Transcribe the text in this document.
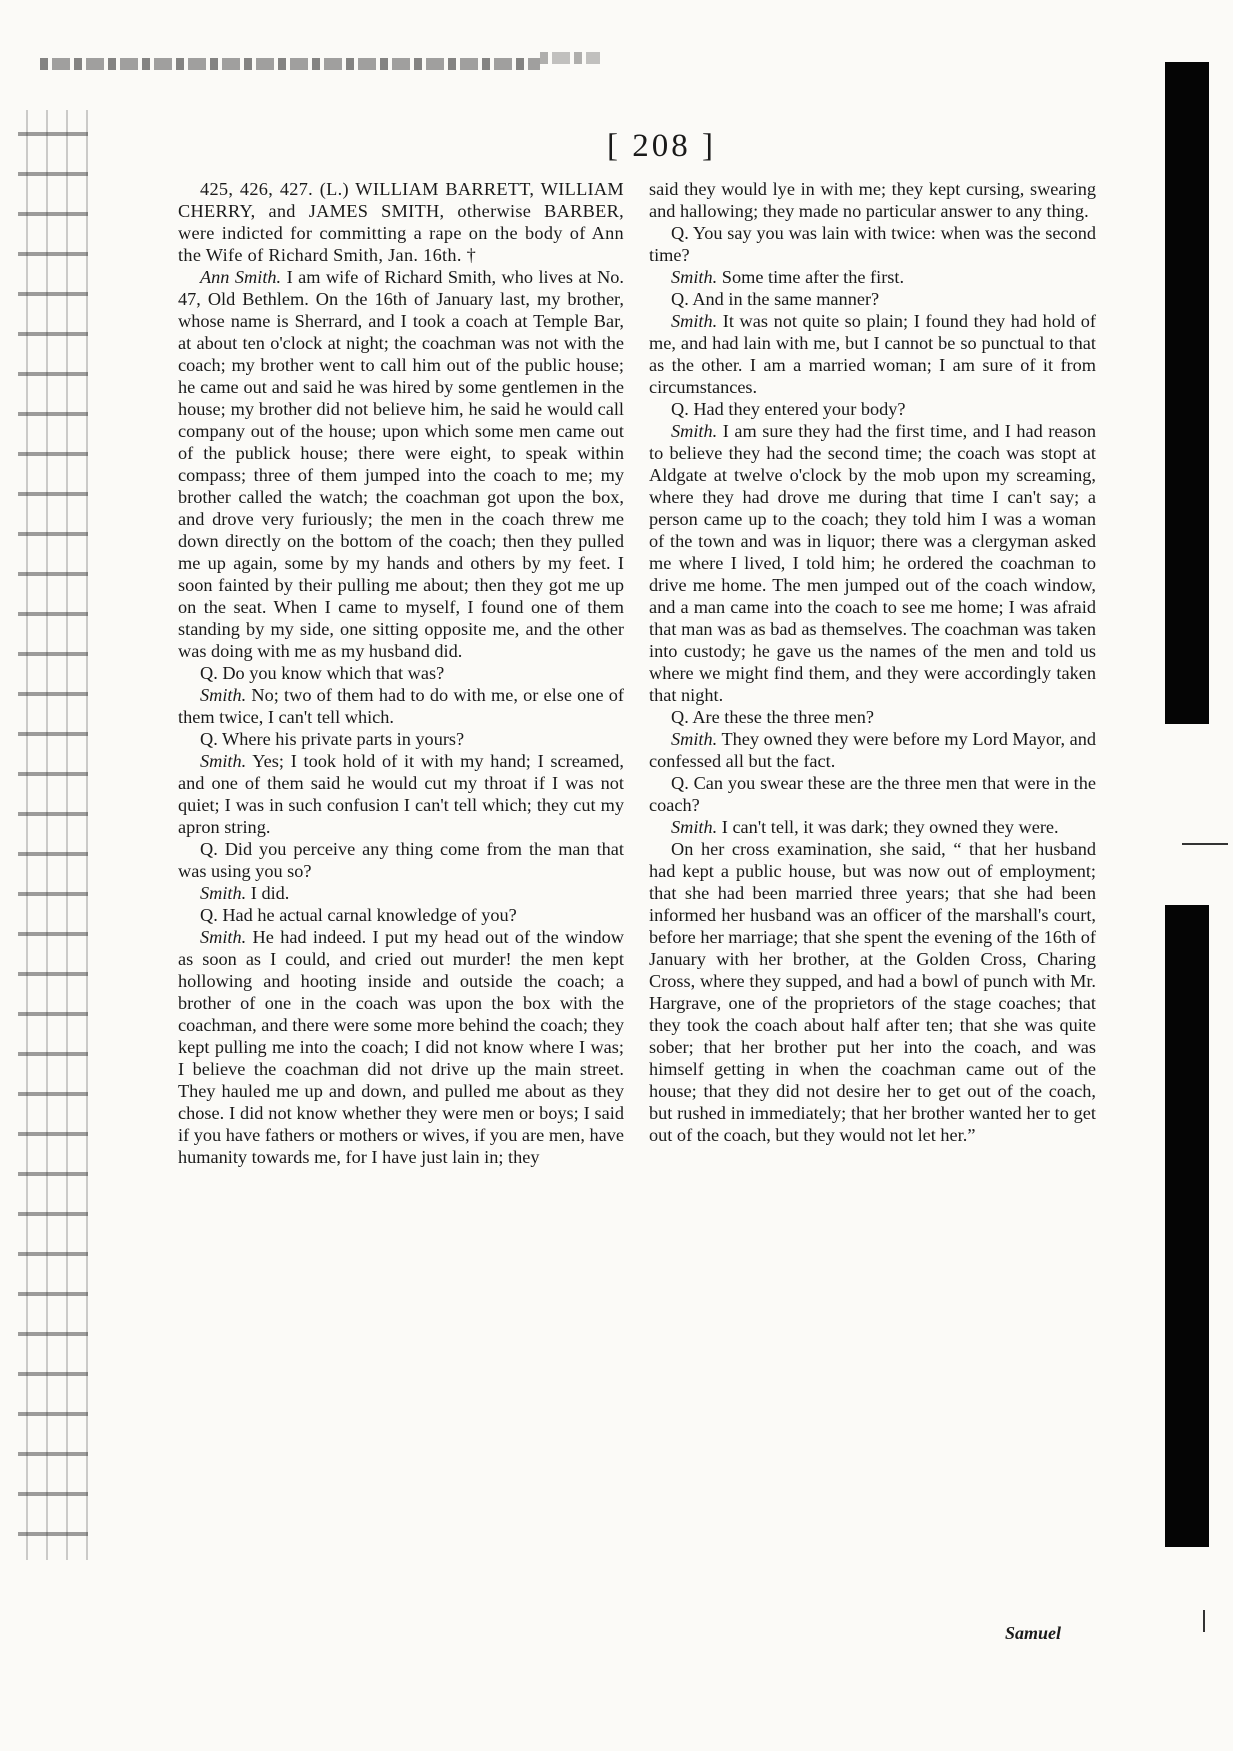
[ 208 ]

425, 426, 427. (L.) WILLIAM BARRETT, WILLIAM CHERRY, and JAMES SMITH, otherwise BARBER, were indicted for committing a rape on the body of Ann the Wife of Richard Smith, Jan. 16th. †

Ann Smith. I am wife of Richard Smith, who lives at No. 47, Old Bethlem. On the 16th of January last, my brother, whose name is Sherrard, and I took a coach at Temple Bar, at about ten o'clock at night; the coachman was not with the coach; my brother went to call him out of the public house; he came out and said he was hired by some gentlemen in the house; my brother did not believe him, he said he would call company out of the house; upon which some men came out of the publick house; there were eight, to speak within compass; three of them jumped into the coach to me; my brother called the watch; the coachman got upon the box, and drove very furiously; the men in the coach threw me down directly on the bottom of the coach; then they pulled me up again, some by my hands and others by my feet. I soon fainted by their pulling me about; then they got me up on the seat. When I came to myself, I found one of them standing by my side, one sitting opposite me, and the other was doing with me as my husband did.

Q. Do you know which that was?

Smith. No; two of them had to do with me, or else one of them twice, I can't tell which.

Q. Where his private parts in yours?

Smith. Yes; I took hold of it with my hand; I screamed, and one of them said he would cut my throat if I was not quiet; I was in such confusion I can't tell which; they cut my apron string.

Q. Did you perceive any thing come from the man that was using you so?

Smith. I did.

Q. Had he actual carnal knowledge of you?

Smith. He had indeed. I put my head out of the window as soon as I could, and cried out murder! the men kept hollowing and hooting inside and outside the coach; a brother of one in the coach was upon the box with the coachman, and there were some more behind the coach; they kept pulling me into the coach; I did not know where I was; I believe the coachman did not drive up the main street. They hauled me up and down, and pulled me about as they chose. I did not know whether they were men or boys; I said if you have fathers or mothers or wives, if you are men, have humanity towards me, for I have just lain in; they

said they would lye in with me; they kept cursing, swearing and hallowing; they made no particular answer to any thing.

Q. You say you was lain with twice: when was the second time?

Smith. Some time after the first.

Q. And in the same manner?

Smith. It was not quite so plain; I found they had hold of me, and had lain with me, but I cannot be so punctual to that as the other. I am a married woman; I am sure of it from circumstances.

Q. Had they entered your body?

Smith. I am sure they had the first time, and I had reason to believe they had the second time; the coach was stopt at Aldgate at twelve o'clock by the mob upon my screaming, where they had drove me during that time I can't say; a person came up to the coach; they told him I was a woman of the town and was in liquor; there was a clergyman asked me where I lived, I told him; he ordered the coachman to drive me home. The men jumped out of the coach window, and a man came into the coach to see me home; I was afraid that man was as bad as themselves. The coachman was taken into custody; he gave us the names of the men and told us where we might find them, and they were accordingly taken that night.

Q. Are these the three men?

Smith. They owned they were before my Lord Mayor, and confessed all but the fact.

Q. Can you swear these are the three men that were in the coach?

Smith. I can't tell, it was dark; they owned they were.

On her cross examination, she said, “ that her husband had kept a public house, but was now out of employment; that she had been married three years; that she had been informed her husband was an officer of the marshall's court, before her marriage; that she spent the evening of the 16th of January with her brother, at the Golden Cross, Charing Cross, where they supped, and had a bowl of punch with Mr. Hargrave, one of the proprietors of the stage coaches; that they took the coach about half after ten; that she was quite sober; that her brother put her into the coach, and was himself getting in when the coachman came out of the house; that they did not desire her to get out of the coach, but rushed in immediately; that her brother wanted her to get out of the coach, but they would not let her.”

Samuel
